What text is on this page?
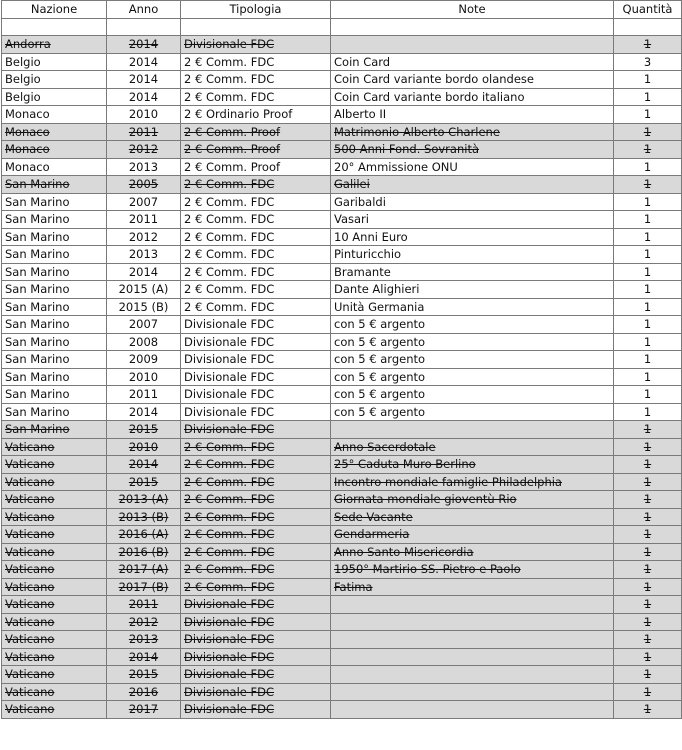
Nazione	Anno	Tipologia	Note	Quantità

Andorra	2014	Divisionale FDC		1
Belgio	2014	2 € Comm. FDC	Coin Card	3
Belgio	2014	2 € Comm. FDC	Coin Card variante bordo olandese	1
Belgio	2014	2 € Comm. FDC	Coin Card variante bordo italiano	1
Monaco	2010	2 € Ordinario Proof	Alberto II	1
Monaco	2011	2 € Comm. Proof	Matrimonio Alberto Charlene	1
Monaco	2012	2 € Comm. Proof	500 Anni Fond. Sovranità	1
Monaco	2013	2 € Comm. Proof	20° Ammissione ONU	1
San Marino	2005	2 € Comm. FDC	Galilei	1
San Marino	2007	2 € Comm. FDC	Garibaldi	1
San Marino	2011	2 € Comm. FDC	Vasari	1
San Marino	2012	2 € Comm. FDC	10 Anni Euro	1
San Marino	2013	2 € Comm. FDC	Pinturicchio	1
San Marino	2014	2 € Comm. FDC	Bramante	1
San Marino	2015 (A)	2 € Comm. FDC	Dante Alighieri	1
San Marino	2015 (B)	2 € Comm. FDC	Unità Germania	1
San Marino	2007	Divisionale FDC	con 5 € argento	1
San Marino	2008	Divisionale FDC	con 5 € argento	1
San Marino	2009	Divisionale FDC	con 5 € argento	1
San Marino	2010	Divisionale FDC	con 5 € argento	1
San Marino	2011	Divisionale FDC	con 5 € argento	1
San Marino	2014	Divisionale FDC	con 5 € argento	1
San Marino	2015	Divisionale FDC		1
Vaticano	2010	2 € Comm. FDC	Anno Sacerdotale	1
Vaticano	2014	2 € Comm. FDC	25° Caduta Muro Berlino	1
Vaticano	2015	2 € Comm. FDC	Incontro mondiale famiglie Philadelphia	1
Vaticano	2013 (A)	2 € Comm. FDC	Giornata mondiale gioventù Rio	1
Vaticano	2013 (B)	2 € Comm. FDC	Sede Vacante	1
Vaticano	2016 (A)	2 € Comm. FDC	Gendarmeria	1
Vaticano	2016 (B)	2 € Comm. FDC	Anno Santo Misericordia	1
Vaticano	2017 (A)	2 € Comm. FDC	1950° Martirio SS. Pietro e Paolo	1
Vaticano	2017 (B)	2 € Comm. FDC	Fatima	1
Vaticano	2011	Divisionale FDC		1
Vaticano	2012	Divisionale FDC		1
Vaticano	2013	Divisionale FDC		1
Vaticano	2014	Divisionale FDC		1
Vaticano	2015	Divisionale FDC		1
Vaticano	2016	Divisionale FDC		1
Vaticano	2017	Divisionale FDC		1
